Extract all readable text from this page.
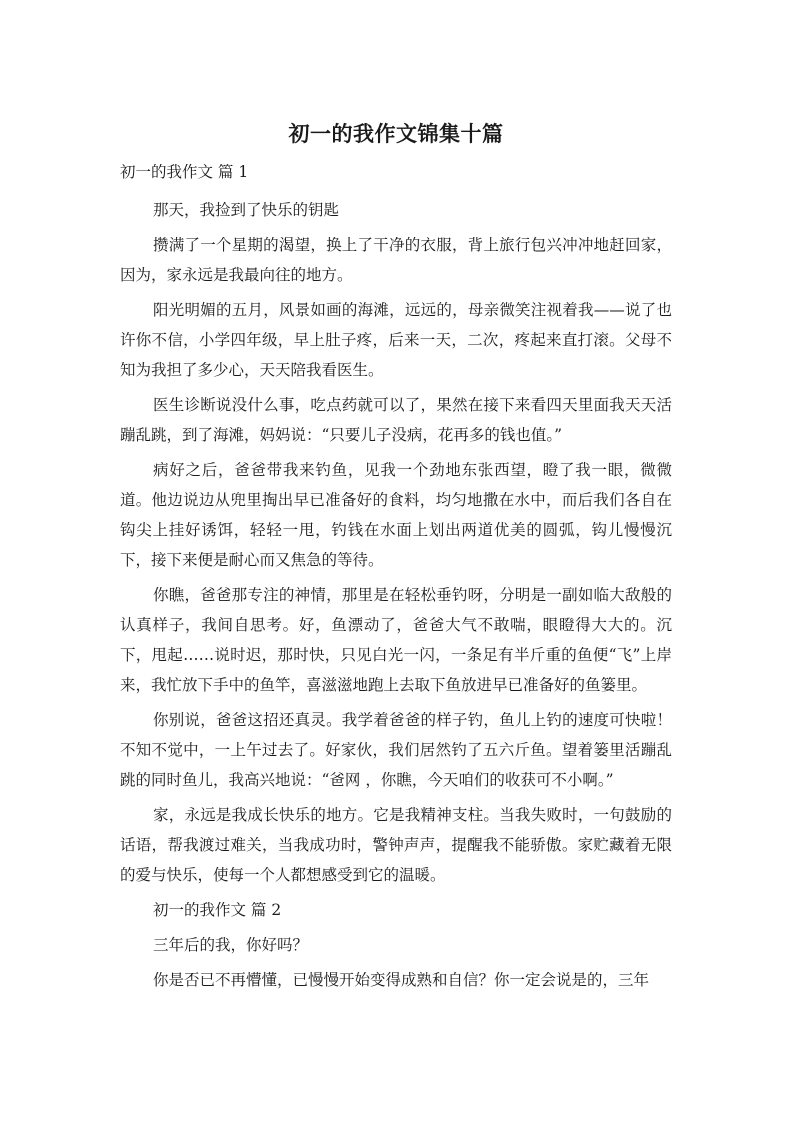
初一的我作文锦集十篇
初一的我作文 篇 1

那天，我捡到了快乐的钥匙

攒满了一个星期的渴望，换上了干净的衣服，背上旅行包兴冲冲地赶回家，因为，家永远是我最向往的地方。

阳光明媚的五月，风景如画的海滩，远远的，母亲微笑注视着我——说了也许你不信，小学四年级，早上肚子疼，后来一天，二次，疼起来直打滚。父母不知为我担了多少心，天天陪我看医生。

医生诊断说没什么事，吃点药就可以了，果然在接下来看四天里面我天天活蹦乱跳，到了海滩，妈妈说：“只要儿子没病，花再多的钱也值。”

病好之后，爸爸带我来钓鱼，见我一个劲地东张西望，瞪了我一眼，微微道。他边说边从兜里掏出早已准备好的食料，均匀地撒在水中，而后我们各自在钩尖上挂好诱饵，轻轻一甩，钓钱在水面上划出两道优美的圆弧，钩儿慢慢沉下，接下来便是耐心而又焦急的等待。

你瞧，爸爸那专注的神情，那里是在轻松垂钓呀，分明是一副如临大敌般的认真样子，我间自思考。好，鱼漂动了，爸爸大气不敢喘，眼瞪得大大的。沉下，甩起……说时迟，那时快，只见白光一闪，一条足有半斤重的鱼便“飞”上岸来，我忙放下手中的鱼竿，喜滋滋地跑上去取下鱼放进早已准备好的鱼篓里。

你别说，爸爸这招还真灵。我学着爸爸的样子钓，鱼儿上钓的速度可快啦！不知不觉中，一上午过去了。好家伙，我们居然钓了五六斤鱼。望着篓里活蹦乱跳的同时鱼儿，我高兴地说：“爸网 ，你瞧，今天咱们的收获可不小啊。”

家，永远是我成长快乐的地方。它是我精神支柱。当我失败时，一句鼓励的话语，帮我渡过难关，当我成功时，警钟声声，提醒我不能骄傲。家贮藏着无限的爱与快乐，使每一个人都想感受到它的温暖。

初一的我作文 篇 2

三年后的我，你好吗？

你是否已不再懵懂，已慢慢开始变得成熟和自信？你一定会说是的，三年
